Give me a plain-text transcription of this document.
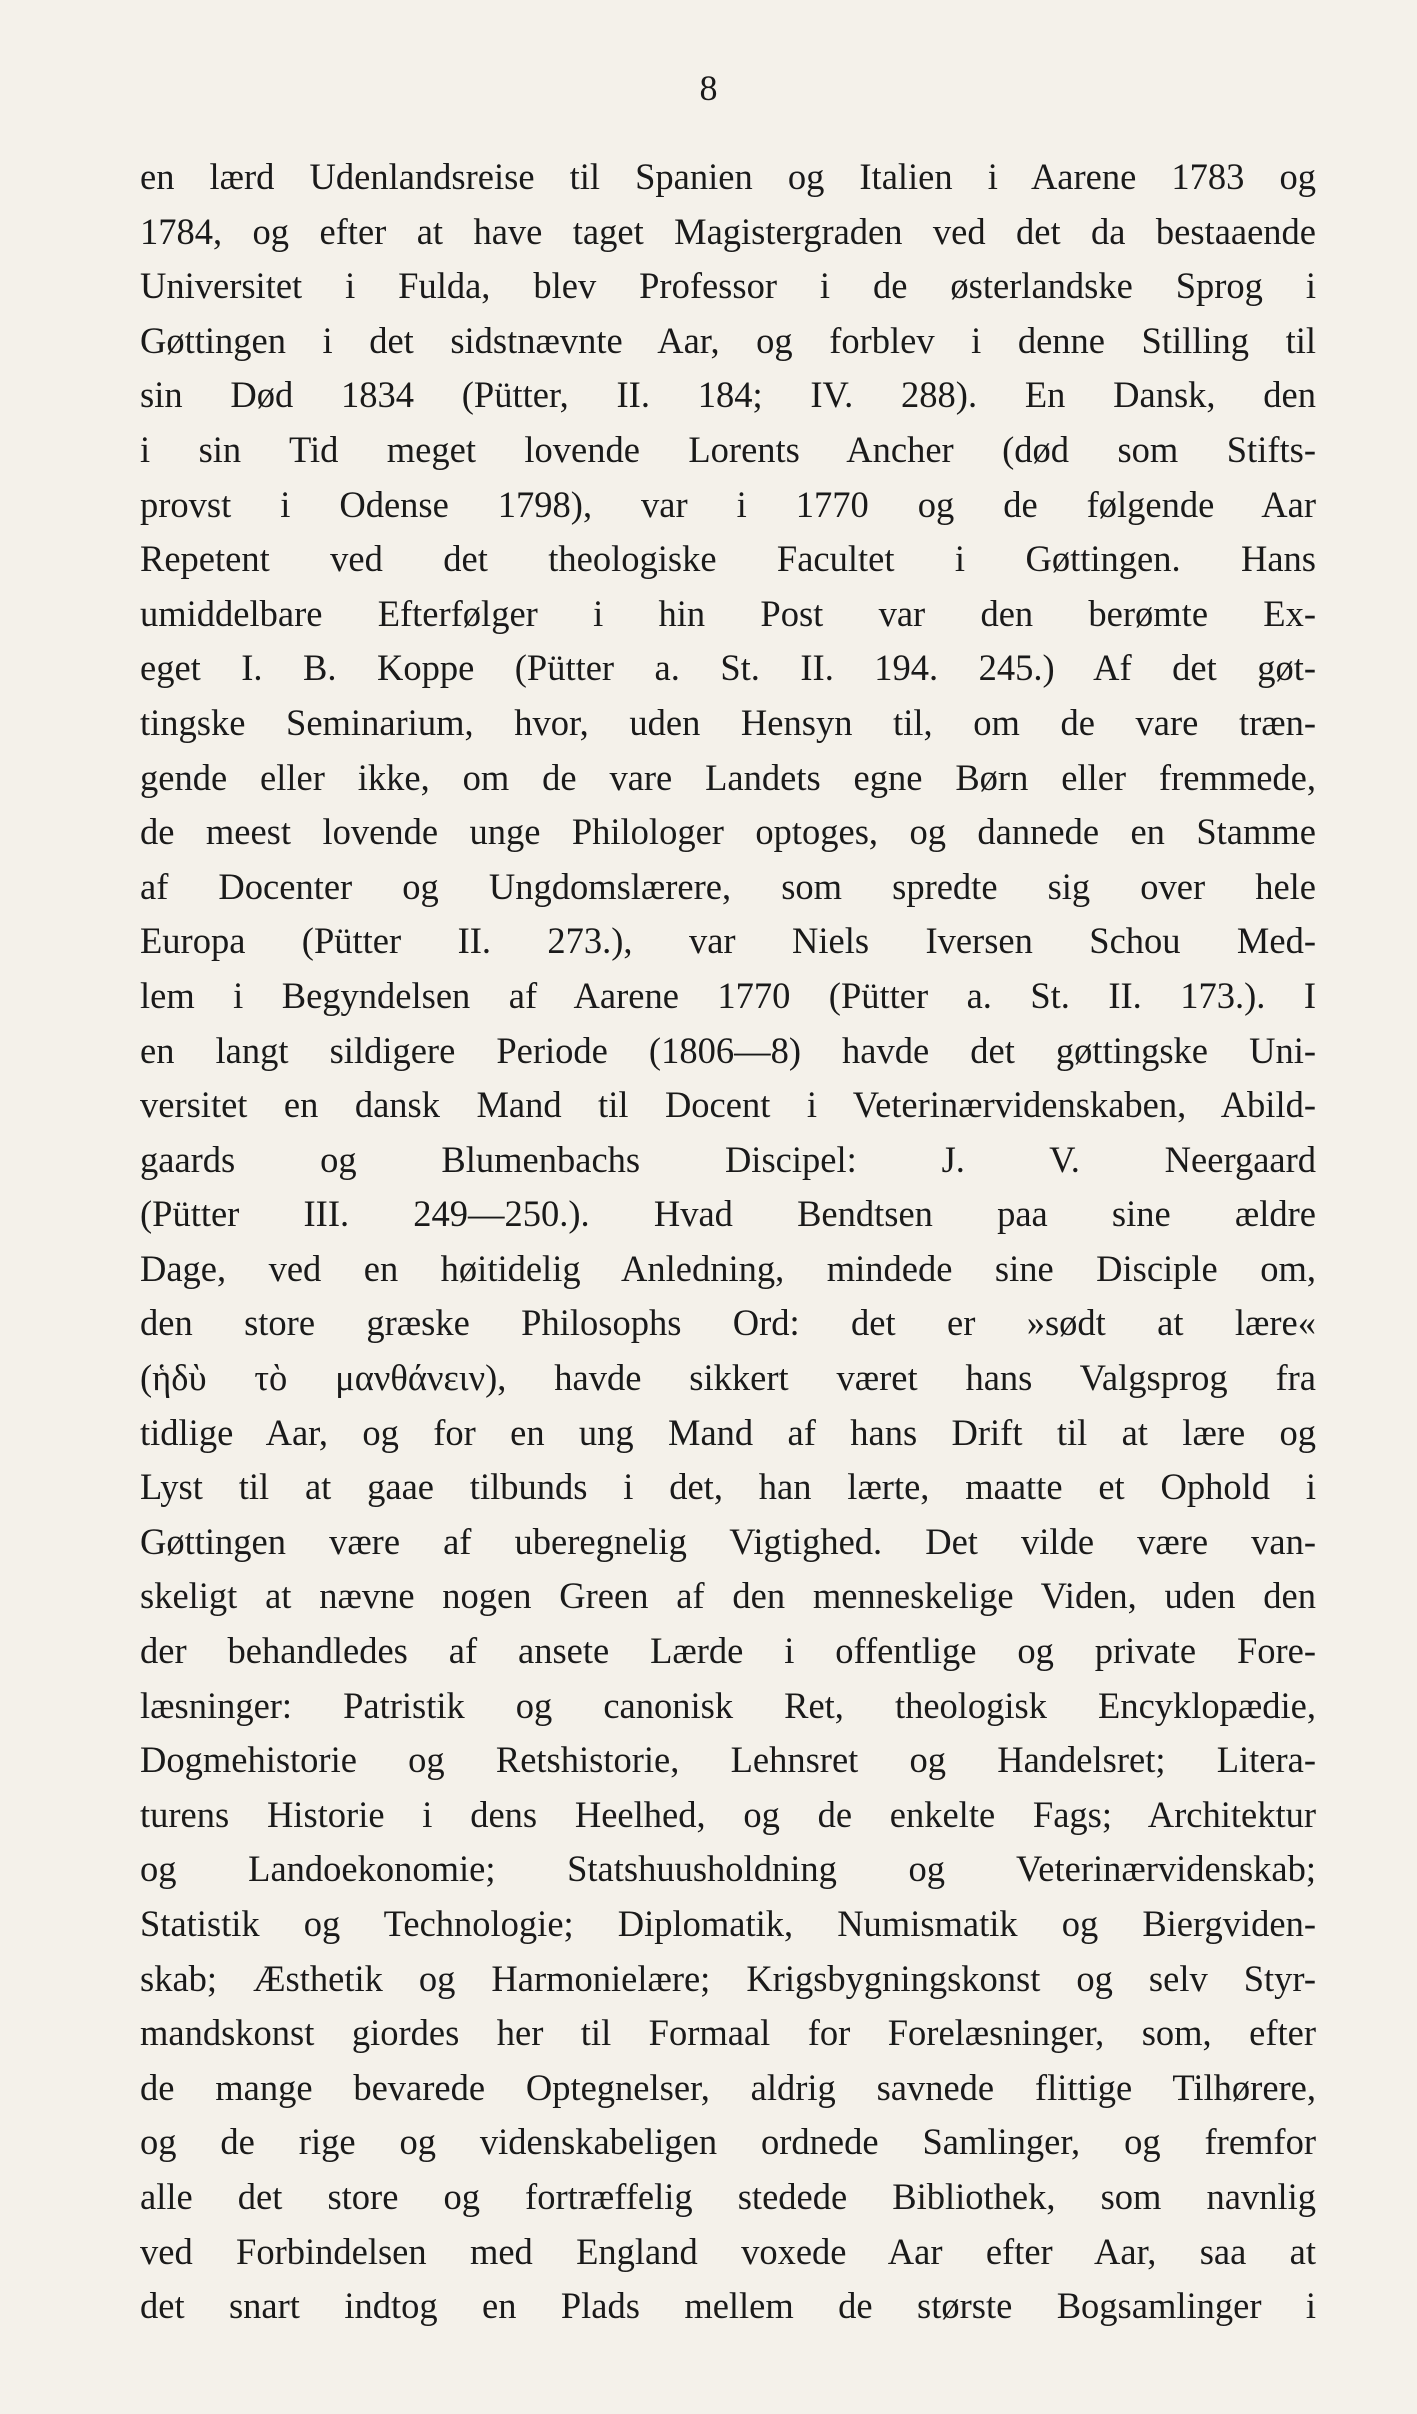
8
en lærd Udenlandsreise til Spanien og Italien i Aarene 1783 og
1784, og efter at have taget Magistergraden ved det da bestaaende
Universitet i Fulda, blev Professor i de østerlandske Sprog i
Gøttingen i det sidstnævnte Aar, og forblev i denne Stilling til
sin Død 1834 (Pütter, II. 184; IV. 288). En Dansk, den
i sin Tid meget lovende Lorents Ancher (død som Stifts-
provst i Odense 1798), var i 1770 og de følgende Aar
Repetent ved det theologiske Facultet i Gøttingen. Hans
umiddelbare Efterfølger i hin Post var den berømte Ex-
eget I. B. Koppe (Pütter a. St. II. 194. 245.) Af det gøt-
tingske Seminarium, hvor, uden Hensyn til, om de vare træn-
gende eller ikke, om de vare Landets egne Børn eller fremmede,
de meest lovende unge Philologer optoges, og dannede en Stamme
af Docenter og Ungdomslærere, som spredte sig over hele
Europa (Pütter II. 273.), var Niels Iversen Schou Med-
lem i Begyndelsen af Aarene 1770 (Pütter a. St. II. 173.). I
en langt sildigere Periode (1806—8) havde det gøttingske Uni-
versitet en dansk Mand til Docent i Veterinærvidenskaben, Abild-
gaards og Blumenbachs Discipel: J. V. Neergaard
(Pütter III. 249—250.). Hvad Bendtsen paa sine ældre
Dage, ved en høitidelig Anledning, mindede sine Disciple om,
den store græske Philosophs Ord: det er »sødt at lære«
(ἡδὺ τὸ μανθάνειν), havde sikkert været hans Valgsprog fra
tidlige Aar, og for en ung Mand af hans Drift til at lære og
Lyst til at gaae tilbunds i det, han lærte, maatte et Ophold i
Gøttingen være af uberegnelig Vigtighed. Det vilde være van-
skeligt at nævne nogen Green af den menneskelige Viden, uden den
der behandledes af ansete Lærde i offentlige og private Fore-
læsninger: Patristik og canonisk Ret, theologisk Encyklopædie,
Dogmehistorie og Retshistorie, Lehnsret og Handelsret; Litera-
turens Historie i dens Heelhed, og de enkelte Fags; Architektur
og Landoekonomie; Statshuusholdning og Veterinærvidenskab;
Statistik og Technologie; Diplomatik, Numismatik og Biergviden-
skab; Æsthetik og Harmonielære; Krigsbygningskonst og selv Styr-
mandskonst giordes her til Formaal for Forelæsninger, som, efter
de mange bevarede Optegnelser, aldrig savnede flittige Tilhørere,
og de rige og videnskabeligen ordnede Samlinger, og fremfor
alle det store og fortræffelig stedede Bibliothek, som navnlig
ved Forbindelsen med England voxede Aar efter Aar, saa at
det snart indtog en Plads mellem de største Bogsamlinger i
